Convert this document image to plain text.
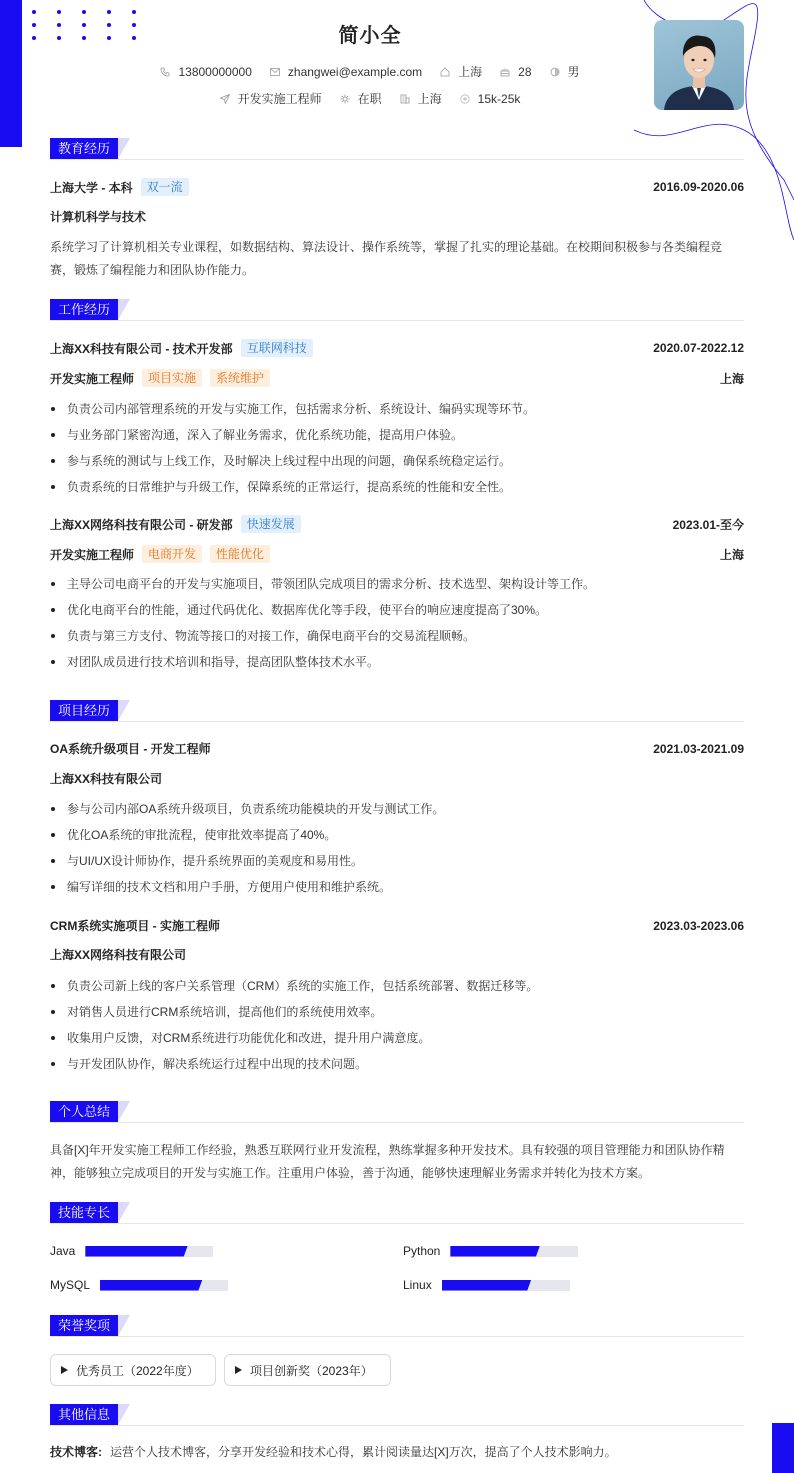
简小全
13800000000	zhangwei@example.com	上海	28	男
开发实施工程师	在职	上海	15k-25k
教育经历
上海大学 - 本科	双一流	2016.09-2020.06
计算机科学与技术
系统学习了计算机相关专业课程，如数据结构、算法设计、操作系统等，掌握了扎实的理论基础。在校期间积极参与各类编程竞赛，锻炼了编程能力和团队协作能力。
工作经历
上海XX科技有限公司 - 技术开发部	互联网科技	2020.07-2022.12
开发实施工程师	项目实施	系统维护	上海
负责公司内部管理系统的开发与实施工作，包括需求分析、系统设计、编码实现等环节。
与业务部门紧密沟通，深入了解业务需求，优化系统功能，提高用户体验。
参与系统的测试与上线工作，及时解决上线过程中出现的问题，确保系统稳定运行。
负责系统的日常维护与升级工作，保障系统的正常运行，提高系统的性能和安全性。
上海XX网络科技有限公司 - 研发部	快速发展	2023.01-至今
开发实施工程师	电商开发	性能优化	上海
主导公司电商平台的开发与实施项目，带领团队完成项目的需求分析、技术选型、架构设计等工作。
优化电商平台的性能，通过代码优化、数据库优化等手段，使平台的响应速度提高了30%。
负责与第三方支付、物流等接口的对接工作，确保电商平台的交易流程顺畅。
对团队成员进行技术培训和指导，提高团队整体技术水平。
项目经历
OA系统升级项目 - 开发工程师	2021.03-2021.09
上海XX科技有限公司
参与公司内部OA系统升级项目，负责系统功能模块的开发与测试工作。
优化OA系统的审批流程，使审批效率提高了40%。
与UI/UX设计师协作，提升系统界面的美观度和易用性。
编写详细的技术文档和用户手册，方便用户使用和维护系统。
CRM系统实施项目 - 实施工程师	2023.03-2023.06
上海XX网络科技有限公司
负责公司新上线的客户关系管理（CRM）系统的实施工作，包括系统部署、数据迁移等。
对销售人员进行CRM系统培训，提高他们的系统使用效率。
收集用户反馈，对CRM系统进行功能优化和改进，提升用户满意度。
与开发团队协作，解决系统运行过程中出现的技术问题。
个人总结
具备[X]年开发实施工程师工作经验，熟悉互联网行业开发流程，熟练掌握多种开发技术。具有较强的项目管理能力和团队协作精神，能够独立完成项目的开发与实施工作。注重用户体验，善于沟通，能够快速理解业务需求并转化为技术方案。
技能专长
Java	Python
MySQL	Linux
荣誉奖项
优秀员工（2022年度）	项目创新奖（2023年）
其他信息
技术博客: 运营个人技术博客，分享开发经验和技术心得，累计阅读量达[X]万次，提高了个人技术影响力。
